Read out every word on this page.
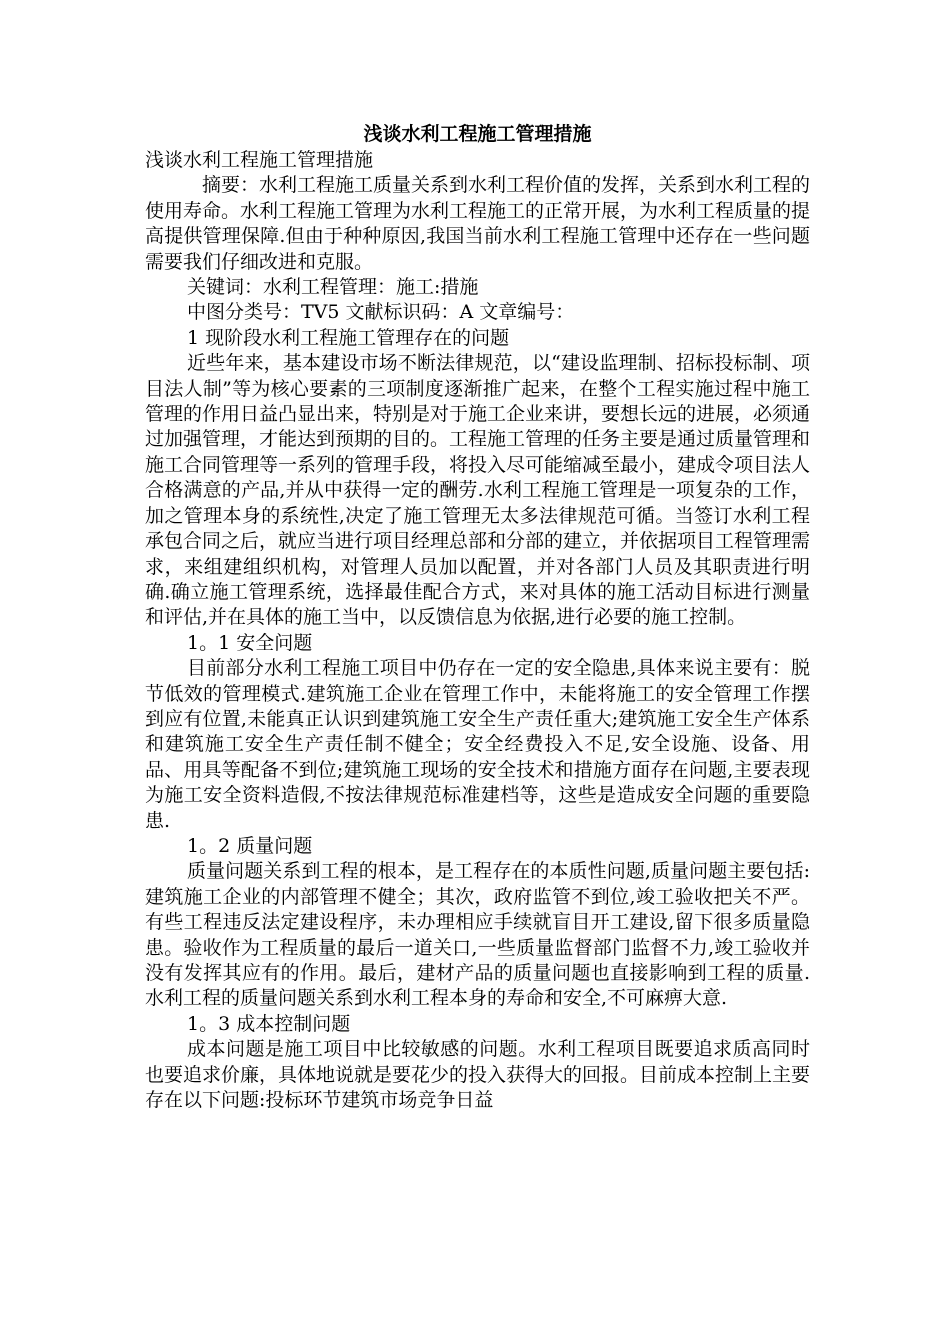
浅谈水利工程施工管理措施

浅谈水利工程施工管理措施

摘要：水利工程施工质量关系到水利工程价值的发挥，关系到水利工程的使用寿命。水利工程施工管理为水利工程施工的正常开展，为水利工程质量的提高提供管理保障.但由于种种原因,我国当前水利工程施工管理中还存在一些问题需要我们仔细改进和克服。

关键词：水利工程管理：施工:措施

中图分类号：TV5 文献标识码：A 文章编号：

1 现阶段水利工程施工管理存在的问题

近些年来，基本建设市场不断法律规范，以“建设监理制、招标投标制、项目法人制”等为核心要素的三项制度逐渐推广起来，在整个工程实施过程中施工管理的作用日益凸显出来，特别是对于施工企业来讲，要想长远的进展，必须通过加强管理，才能达到预期的目的。工程施工管理的任务主要是通过质量管理和施工合同管理等一系列的管理手段，将投入尽可能缩减至最小，建成令项目法人合格满意的产品,并从中获得一定的酬劳.水利工程施工管理是一项复杂的工作，加之管理本身的系统性,决定了施工管理无太多法律规范可循。当签订水利工程承包合同之后，就应当进行项目经理总部和分部的建立，并依据项目工程管理需求，来组建组织机构，对管理人员加以配置，并对各部门人员及其职责进行明确.确立施工管理系统，选择最佳配合方式，来对具体的施工活动目标进行测量和评估,并在具体的施工当中，以反馈信息为依据,进行必要的施工控制。

1。1 安全问题

目前部分水利工程施工项目中仍存在一定的安全隐患,具体来说主要有：脱节低效的管理模式.建筑施工企业在管理工作中，未能将施工的安全管理工作摆到应有位置,未能真正认识到建筑施工安全生产责任重大;建筑施工安全生产体系和建筑施工安全生产责任制不健全；安全经费投入不足,安全设施、设备、用品、用具等配备不到位;建筑施工现场的安全技术和措施方面存在问题,主要表现为施工安全资料造假,不按法律规范标准建档等，这些是造成安全问题的重要隐患.

1。2 质量问题

质量问题关系到工程的根本，是工程存在的本质性问题,质量问题主要包括:建筑施工企业的内部管理不健全；其次，政府监管不到位,竣工验收把关不严。有些工程违反法定建设程序，未办理相应手续就盲目开工建设,留下很多质量隐患。验收作为工程质量的最后一道关口,一些质量监督部门监督不力,竣工验收并没有发挥其应有的作用。最后，建材产品的质量问题也直接影响到工程的质量.水利工程的质量问题关系到水利工程本身的寿命和安全,不可麻痹大意.

1。3 成本控制问题

成本问题是施工项目中比较敏感的问题。水利工程项目既要追求质高同时也要追求价廉，具体地说就是要花少的投入获得大的回报。目前成本控制上主要存在以下问题:投标环节建筑市场竞争日益
